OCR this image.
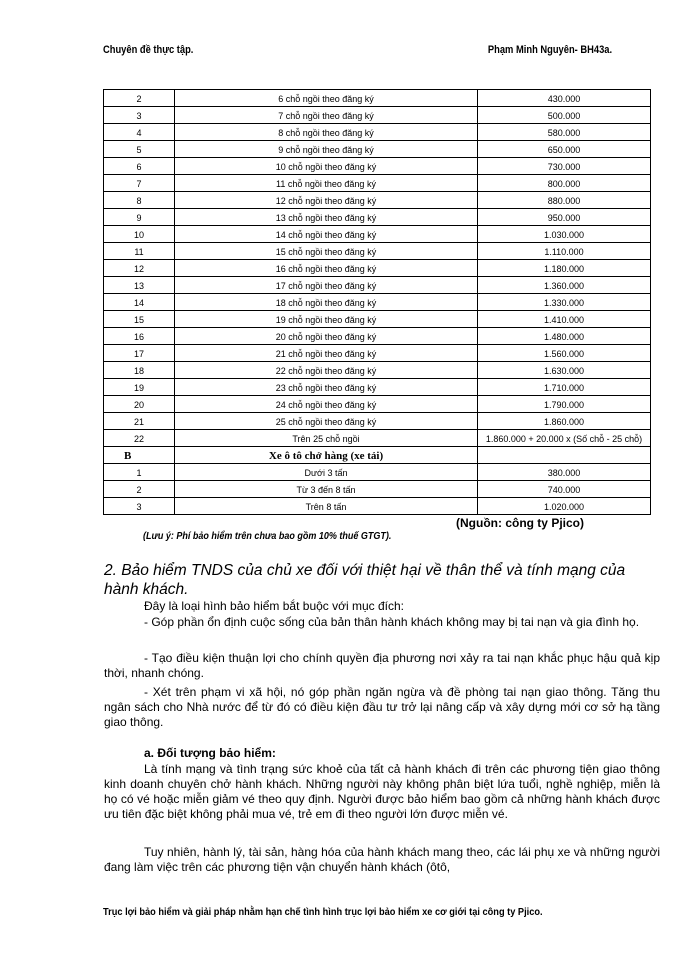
Chuyên đề thực tập.	Phạm Minh Nguyên- BH43a.
2	6 chỗ ngồi theo đăng ký	430.000
3	7 chỗ ngồi theo đăng ký	500.000
4	8 chỗ ngồi theo đăng ký	580.000
5	9 chỗ ngồi theo đăng ký	650.000
6	10 chỗ ngồi theo đăng ký	730.000
7	11 chỗ ngồi theo đăng ký	800.000
8	12 chỗ ngồi theo đăng ký	880.000
9	13 chỗ ngồi theo đăng ký	950.000
10	14 chỗ ngồi theo đăng ký	1.030.000
11	15 chỗ ngồi theo đăng ký	1.110.000
12	16 chỗ ngồi theo đăng ký	1.180.000
13	17 chỗ ngồi theo đăng ký	1.360.000
14	18 chỗ ngồi theo đăng ký	1.330.000
15	19 chỗ ngồi theo đăng ký	1.410.000
16	20 chỗ ngồi theo đăng ký	1.480.000
17	21 chỗ ngồi theo đăng ký	1.560.000
18	22 chỗ ngồi theo đăng ký	1.630.000
19	23 chỗ ngồi theo đăng ký	1.710.000
20	24 chỗ ngồi theo đăng ký	1.790.000
21	25 chỗ ngồi theo đăng ký	1.860.000
22	Trên 25 chỗ ngồi	1.860.000 + 20.000 x (Số chỗ - 25 chỗ)
B	Xe ô tô chở hàng (xe tải)	
1	Dưới 3 tấn	380.000
2	Từ 3 đến 8 tấn	740.000
3	Trên 8 tấn	1.020.000
(Nguồn: công ty Pjico)
(Lưu ý: Phí bảo hiểm trên chưa bao gồm 10% thuế GTGT).
2. Bảo hiểm TNDS của chủ xe đối với thiệt hại về thân thể và tính mạng của hành khách.
Đây là loại hình bảo hiểm bắt buộc với mục đích:
- Góp phần ổn định cuộc sống của bản thân hành khách không may bị tai nạn và gia đình họ.
- Tạo điều kiện thuận lợi cho chính quyền địa phương nơi xảy ra tai nạn khắc phục hậu quả kịp thời, nhanh chóng.
- Xét trên phạm vi xã hội, nó góp phần ngăn ngừa và đề phòng tai nạn giao thông. Tăng thu ngân sách cho Nhà nước để từ đó có điều kiện đầu tư trở lại nâng cấp và xây dựng mới cơ sở hạ tầng giao thông.
a. Đối tượng bảo hiểm:
Là tính mạng và tình trạng sức khoẻ của tất cả hành khách đi trên các phương tiện giao thông kinh doanh chuyên chở hành khách. Những người này không phân biệt lứa tuổi, nghề nghiệp, miễn là họ có vé hoặc miễn giảm vé theo quy định. Người được bảo hiểm bao gồm cả những hành khách được ưu tiên đặc biệt không phải mua vé, trẻ em đi theo người lớn được miễn vé.
Tuy nhiên, hành lý, tài sản, hàng hóa của hành khách mang theo, các lái phụ xe và những người đang làm việc trên các phương tiện vận chuyển hành khách (ôtô,
Trục lợi bảo hiểm và giải pháp nhằm hạn chế tình hình trục lợi bảo hiểm xe cơ giới tại công ty Pjico.
